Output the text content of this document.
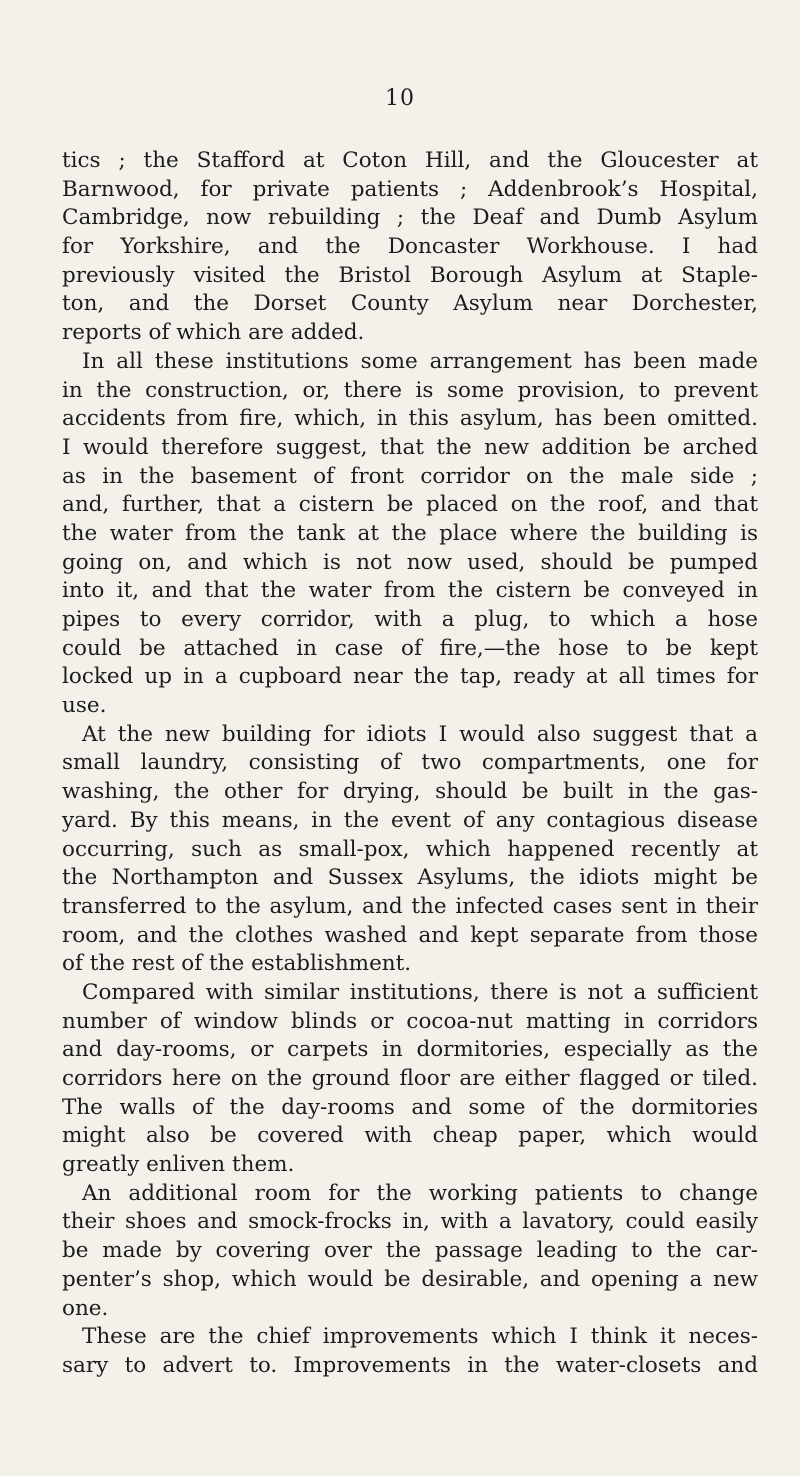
10
tics ; the Stafford at Coton Hill, and the Gloucester at
Barnwood, for private patients ; Addenbrook’s Hospital,
Cambridge, now rebuilding ; the Deaf and Dumb Asylum
for Yorkshire, and the Doncaster Workhouse. I had
previously visited the Bristol Borough Asylum at Staple-
ton, and the Dorset County Asylum near Dorchester,
reports of which are added.
In all these institutions some arrangement has been made
in the construction, or, there is some provision, to prevent
accidents from fire, which, in this asylum, has been omitted.
I would therefore suggest, that the new addition be arched
as in the basement of front corridor on the male side ;
and, further, that a cistern be placed on the roof, and that
the water from the tank at the place where the building is
going on, and which is not now used, should be pumped
into it, and that the water from the cistern be conveyed in
pipes to every corridor, with a plug, to which a hose
could be attached in case of fire,—the hose to be kept
locked up in a cupboard near the tap, ready at all times for
use.
At the new building for idiots I would also suggest that a
small laundry, consisting of two compartments, one for
washing, the other for drying, should be built in the gas-
yard. By this means, in the event of any contagious disease
occurring, such as small-pox, which happened recently at
the Northampton and Sussex Asylums, the idiots might be
transferred to the asylum, and the infected cases sent in their
room, and the clothes washed and kept separate from those
of the rest of the establishment.
Compared with similar institutions, there is not a sufficient
number of window blinds or cocoa-nut matting in corridors
and day-rooms, or carpets in dormitories, especially as the
corridors here on the ground floor are either flagged or tiled.
The walls of the day-rooms and some of the dormitories
might also be covered with cheap paper, which would
greatly enliven them.
An additional room for the working patients to change
their shoes and smock-frocks in, with a lavatory, could easily
be made by covering over the passage leading to the car-
penter’s shop, which would be desirable, and opening a new
one.
These are the chief improvements which I think it neces-
sary to advert to. Improvements in the water-closets and
